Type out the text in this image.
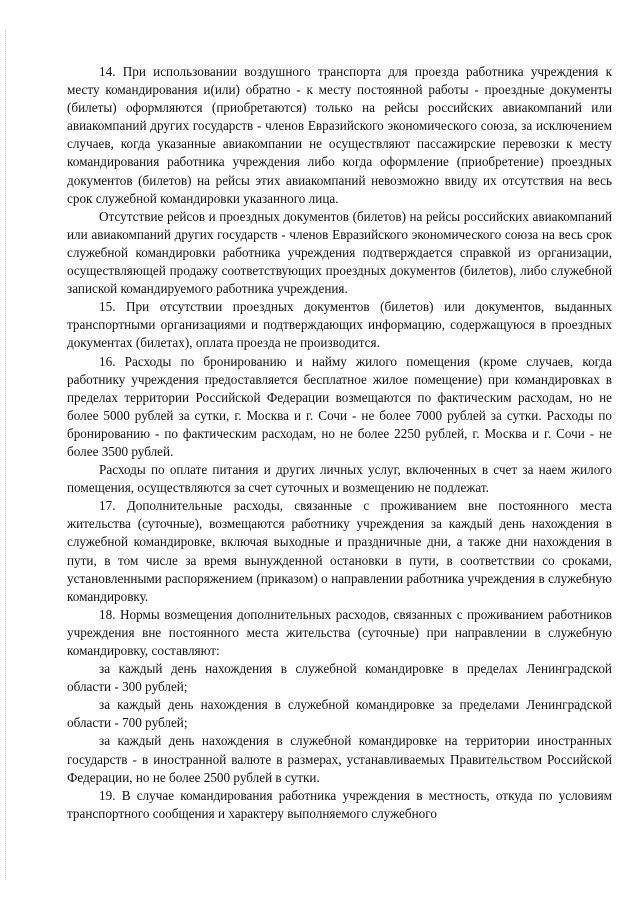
14. При использовании воздушного транспорта для проезда работника учреждения к месту командирования и(или) обратно - к месту постоянной работы - проездные документы (билеты) оформляются (приобретаются) только на рейсы российских авиакомпаний или авиакомпаний других государств - членов Евразийского экономического союза, за исключением случаев, когда указанные авиакомпании не осуществляют пассажирские перевозки к месту командирования работника учреждения либо когда оформление (приобретение) проездных документов (билетов) на рейсы этих авиакомпаний невозможно ввиду их отсутствия на весь срок служебной командировки указанного лица.

Отсутствие рейсов и проездных документов (билетов) на рейсы российских авиакомпаний или авиакомпаний других государств - членов Евразийского экономического союза на весь срок служебной командировки работника учреждения подтверждается справкой из организации, осуществляющей продажу соответствующих проездных документов (билетов), либо служебной запиской командируемого работника учреждения.

15. При отсутствии проездных документов (билетов) или документов, выданных транспортными организациями и подтверждающих информацию, содержащуюся в проездных документах (билетах), оплата проезда не производится.

16. Расходы по бронированию и найму жилого помещения (кроме случаев, когда работнику учреждения предоставляется бесплатное жилое помещение) при командировках в пределах территории Российской Федерации возмещаются по фактическим расходам, но не более 5000 рублей за сутки, г. Москва и г. Сочи - не более 7000 рублей за сутки. Расходы по бронированию - по фактическим расходам, но не более 2250 рублей, г. Москва и г. Сочи - не более 3500 рублей.

Расходы по оплате питания и других личных услуг, включенных в счет за наем жилого помещения, осуществляются за счет суточных и возмещению не подлежат.

17. Дополнительные расходы, связанные с проживанием вне постоянного места жительства (суточные), возмещаются работнику учреждения за каждый день нахождения в служебной командировке, включая выходные и праздничные дни, а также дни нахождения в пути, в том числе за время вынужденной остановки в пути, в соответствии со сроками, установленными распоряжением (приказом) о направлении работника учреждения в служебную командировку.

18. Нормы возмещения дополнительных расходов, связанных с проживанием работников учреждения вне постоянного места жительства (суточные) при направлении в служебную командировку, составляют:

за каждый день нахождения в служебной командировке в пределах Ленинградской области - 300 рублей;

за каждый день нахождения в служебной командировке за пределами Ленинградской области - 700 рублей;

за каждый день нахождения в служебной командировке на территории иностранных государств - в иностранной валюте в размерах, устанавливаемых Правительством Российской Федерации, но не более 2500 рублей в сутки.

19. В случае командирования работника учреждения в местность, откуда по условиям транспортного сообщения и характеру выполняемого служебного
